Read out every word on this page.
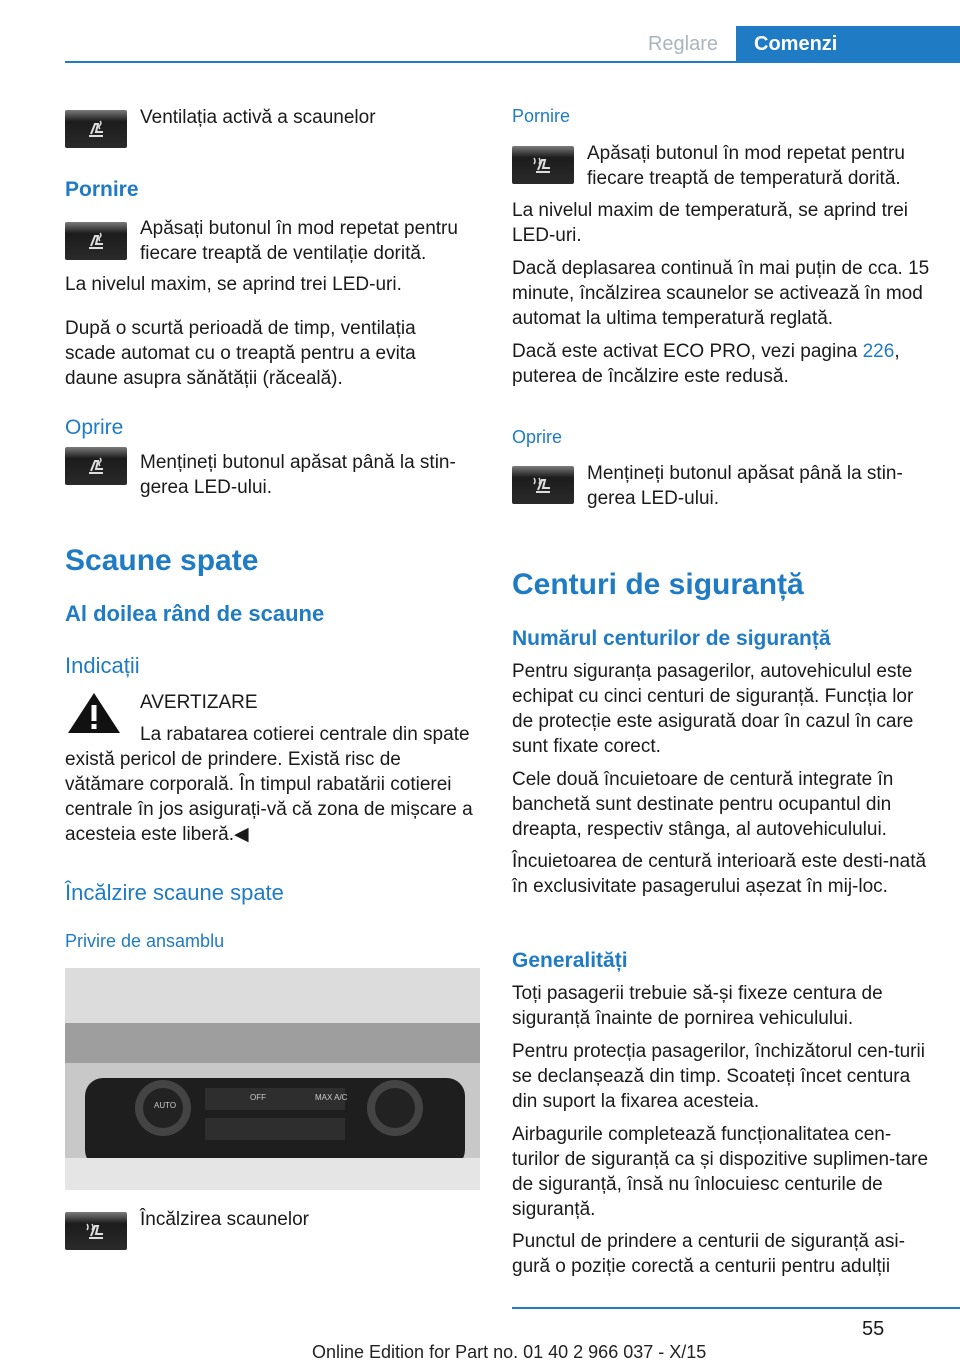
Reglare	Comenzi

Ventilația activă a scaunelor

Pornire

Apăsați butonul în mod repetat pentru fiecare treaptă de ventilație dorită.

La nivelul maxim, se aprind trei LED-uri.

După o scurtă perioadă de timp, ventilația scade automat cu o treaptă pentru a evita daune asupra sănătății (răceală).

Oprire

Mențineți butonul apăsat până la stin-gerea LED-ului.

Scaune spate

Al doilea rând de scaune

Indicații

AVERTIZARE

La rabatarea cotierei centrale din spate există pericol de prindere. Există risc de vătămare corporală. În timpul rabatării cotierei centrale în jos asigurați-vă că zona de mișcare a acesteia este liberă.◀

Încălzire scaune spate

Privire de ansamblu

AUTO
OFF	MAX A/C

Încălzirea scaunelor

Pornire

Apăsați butonul în mod repetat pentru fiecare treaptă de temperatură dorită.

La nivelul maxim de temperatură, se aprind trei LED-uri.

Dacă deplasarea continuă în mai puțin de cca. 15 minute, încălzirea scaunelor se activează în mod automat la ultima temperatură reglată.

Dacă este activat ECO PRO, vezi pagina 226, puterea de încălzire este redusă.

Oprire

Mențineți butonul apăsat până la stin-gerea LED-ului.

Centuri de siguranță

Numărul centurilor de siguranță

Pentru siguranța pasagerilor, autovehiculul este echipat cu cinci centuri de siguranță. Funcția lor de protecție este asigurată doar în cazul în care sunt fixate corect.

Cele două încuietoare de centură integrate în banchetă sunt destinate pentru ocupantul din dreapta, respectiv stânga, al autovehiculului.

Încuietoarea de centură interioară este desti-nată în exclusivitate pasagerului așezat în mij-loc.

Generalități

Toți pasagerii trebuie să-și fixeze centura de siguranță înainte de pornirea vehiculului.

Pentru protecția pasagerilor, închizătorul cen-turii se declanșează din timp. Scoateți încet centura din suport la fixarea acesteia.

Airbagurile completează funcționalitatea cen-turilor de siguranță ca și dispozitive suplimen-tare de siguranță, însă nu înlocuiesc centurile de siguranță.

Punctul de prindere a centurii de siguranță asi-gură o poziție corectă a centurii pentru adulții

55
Online Edition for Part no. 01 40 2 966 037 - X/15
